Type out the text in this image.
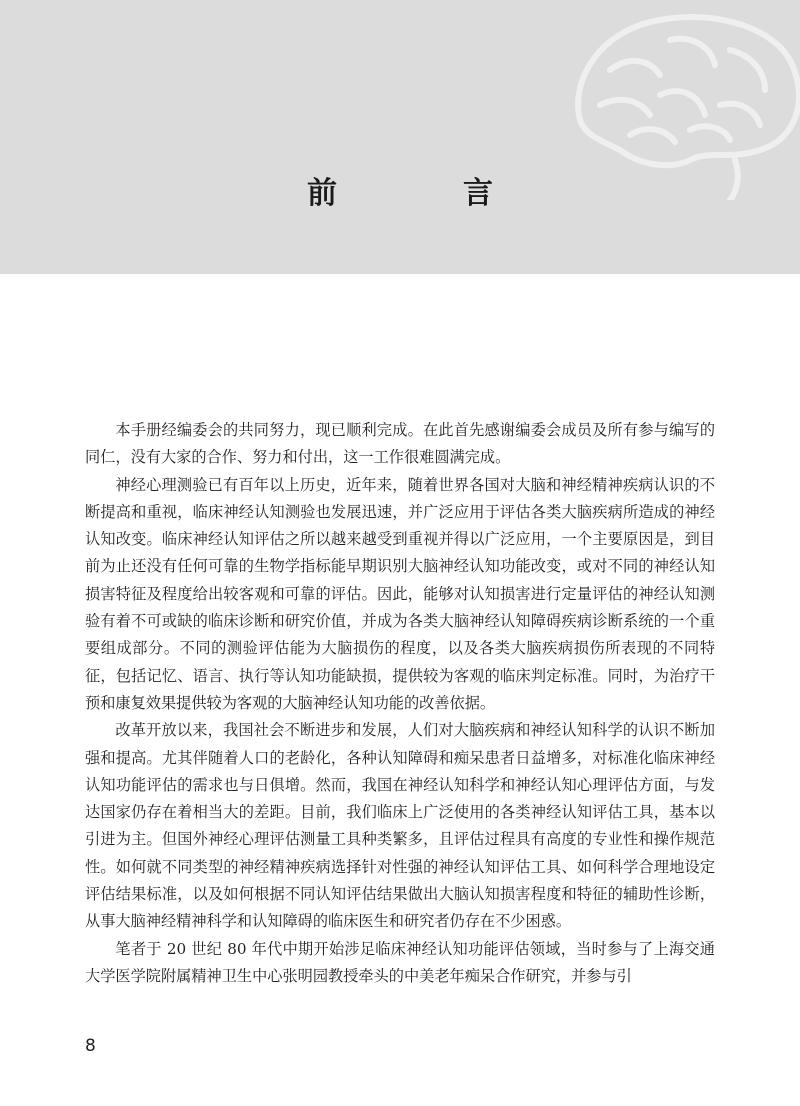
前　言

本手册经编委会的共同努力，现已顺利完成。在此首先感谢编委会成员及所有参与编写的同仁，没有大家的合作、努力和付出，这一工作很难圆满完成。

神经心理测验已有百年以上历史，近年来，随着世界各国对大脑和神经精神疾病认识的不断提高和重视，临床神经认知测验也发展迅速，并广泛应用于评估各类大脑疾病所造成的神经认知改变。临床神经认知评估之所以越来越受到重视并得以广泛应用，一个主要原因是，到目前为止还没有任何可靠的生物学指标能早期识别大脑神经认知功能改变，或对不同的神经认知损害特征及程度给出较客观和可靠的评估。因此，能够对认知损害进行定量评估的神经认知测验有着不可或缺的临床诊断和研究价值，并成为各类大脑神经认知障碍疾病诊断系统的一个重要组成部分。不同的测验评估能为大脑损伤的程度，以及各类大脑疾病损伤所表现的不同特征，包括记忆、语言、执行等认知功能缺损，提供较为客观的临床判定标准。同时，为治疗干预和康复效果提供较为客观的大脑神经认知功能的改善依据。

改革开放以来，我国社会不断进步和发展，人们对大脑疾病和神经认知科学的认识不断加强和提高。尤其伴随着人口的老龄化，各种认知障碍和痴呆患者日益增多，对标准化临床神经认知功能评估的需求也与日俱增。然而，我国在神经认知科学和神经认知心理评估方面，与发达国家仍存在着相当大的差距。目前，我们临床上广泛使用的各类神经认知评估工具，基本以引进为主。但国外神经心理评估测量工具种类繁多，且评估过程具有高度的专业性和操作规范性。如何就不同类型的神经精神疾病选择针对性强的神经认知评估工具、如何科学合理地设定评估结果标准，以及如何根据不同认知评估结果做出大脑认知损害程度和特征的辅助性诊断，从事大脑神经精神科学和认知障碍的临床医生和研究者仍存在不少困惑。

笔者于 20 世纪 80 年代中期开始涉足临床神经认知功能评估领域，当时参与了上海交通大学医学院附属精神卫生中心张明园教授牵头的中美老年痴呆合作研究，并参与引

8
